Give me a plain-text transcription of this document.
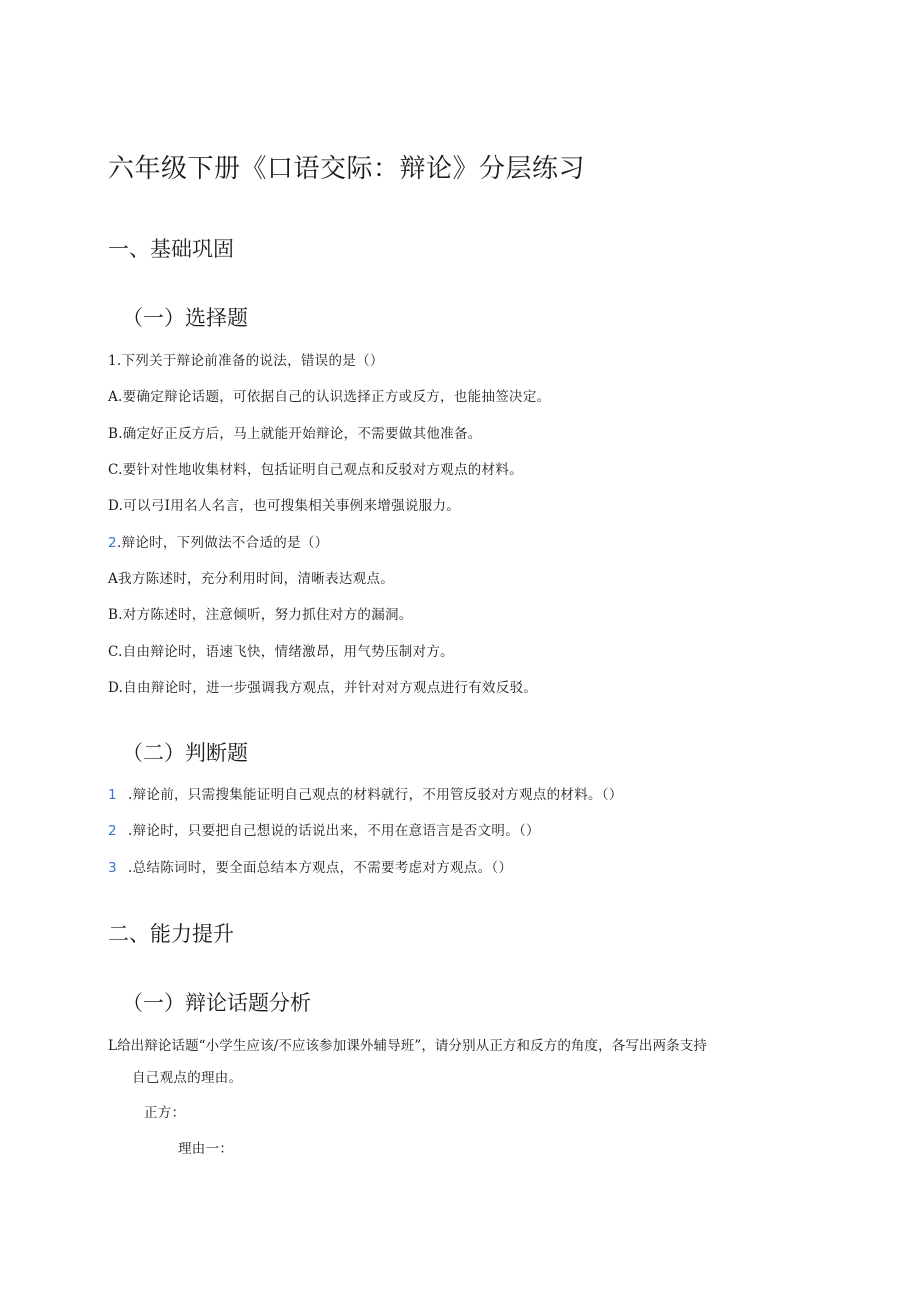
六年级下册《口语交际：辩论》分层练习
一、基础巩固
（一）选择题
1.下列关于辩论前准备的说法，错误的是（）
A.要确定辩论话题，可依据自己的认识选择正方或反方，也能抽签决定。
B.确定好正反方后，马上就能开始辩论，不需要做其他准备。
C.要针对性地收集材料，包括证明自己观点和反驳对方观点的材料。
D.可以弓I用名人名言，也可搜集相关事例来增强说服力。
2.辩论时，下列做法不合适的是（）
A我方陈述时，充分利用时间，清晰表达观点。
B.对方陈述时，注意倾听，努力抓住对方的漏洞。
C.自由辩论时，语速飞快，情绪激昂，用气势压制对方。
D.自由辩论时，进一步强调我方观点，并针对对方观点进行有效反驳。
（二）判断题
1 .辩论前，只需搜集能证明自己观点的材料就行，不用管反驳对方观点的材料。（）
2 .辩论时，只要把自己想说的话说出来，不用在意语言是否文明。（）
3 .总结陈词时，要全面总结本方观点，不需要考虑对方观点。（）
二、能力提升
（一）辩论话题分析
L给出辩论话题“小学生应该/不应该参加课外辅导班”，请分别从正方和反方的角度，各写出两条支持
自己观点的理由。
正方：
理由一：
